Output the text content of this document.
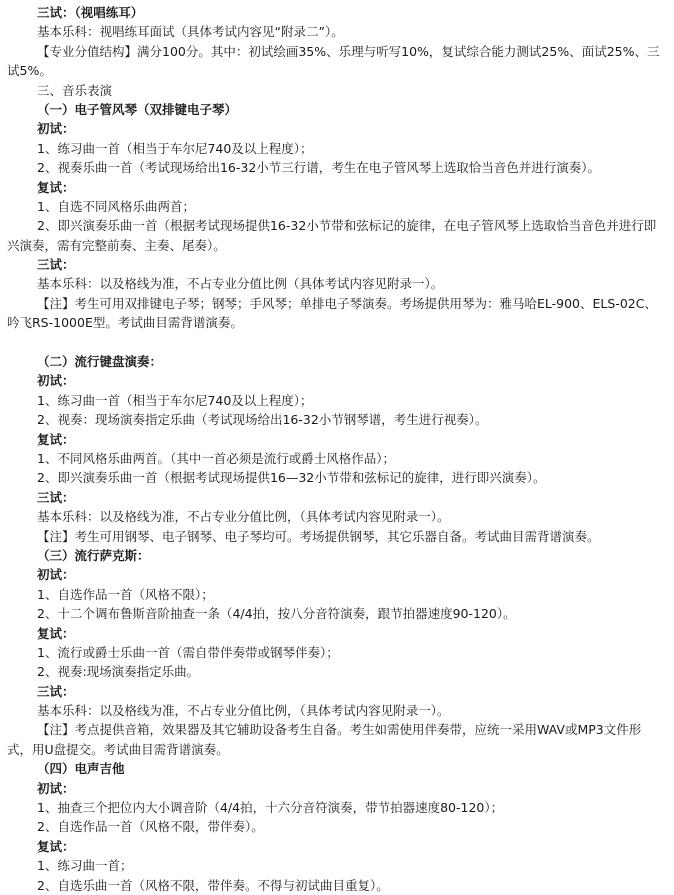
三试：（视唱练耳）
基本乐科：视唱练耳面试（具体考试内容见“附录二”）。
【专业分值结构】满分100分。其中：初试绘画35%、乐理与听写10%，复试综合能力测试25%、面试25%、三
试5%。
三、音乐表演
（一）电子管风琴（双排键电子琴）
初试：
1、练习曲一首（相当于车尔尼740及以上程度）；
2、视奏乐曲一首（考试现场给出16-32小节三行谱，考生在电子管风琴上选取恰当音色并进行演奏）。
复试：
1、自选不同风格乐曲两首；
2、即兴演奏乐曲一首（根据考试现场提供16-32小节带和弦标记的旋律，在电子管风琴上选取恰当音色并进行即
兴演奏，需有完整前奏、主奏、尾奏）。
三试：
基本乐科：以及格线为准，不占专业分值比例（具体考试内容见附录一）。
【注】考生可用双排键电子琴；钢琴；手风琴；单排电子琴演奏。考场提供用琴为：雅马哈EL-900、ELS-02C、
吟飞RS-1000E型。考试曲目需背谱演奏。
（二）流行键盘演奏：
初试：
1、练习曲一首（相当于车尔尼740及以上程度）；
2、视奏：现场演奏指定乐曲（考试现场给出16-32小节钢琴谱，考生进行视奏）。
复试：
1、不同风格乐曲两首。（其中一首必须是流行或爵士风格作品）；
2、即兴演奏乐曲一首（根据考试现场提供16—32小节带和弦标记的旋律，进行即兴演奏）。
三试：
基本乐科：以及格线为准，不占专业分值比例，（具体考试内容见附录一）。
【注】考生可用钢琴、电子钢琴、电子琴均可。考场提供钢琴，其它乐器自备。考试曲目需背谱演奏。
（三）流行萨克斯：
初试：
1、自选作品一首（风格不限）；
2、十二个调布鲁斯音阶抽查一条（4/4拍，按八分音符演奏，跟节拍器速度90-120）。
复试：
1、流行或爵士乐曲一首（需自带伴奏带或钢琴伴奏）；
2、视奏:现场演奏指定乐曲。
三试：
基本乐科：以及格线为准，不占专业分值比例，（具体考试内容见附录一）。
【注】考点提供音箱，效果器及其它辅助设备考生自备。考生如需使用伴奏带，应统一采用WAV或MP3文件形
式，用U盘提交。考试曲目需背谱演奏。
（四）电声吉他
初试：
1、抽查三个把位内大小调音阶（4/4拍，十六分音符演奏，带节拍器速度80-120）；
2、自选作品一首（风格不限，带伴奏）。
复试：
1、练习曲一首；
2、自选乐曲一首（风格不限，带伴奏。不得与初试曲目重复）。
